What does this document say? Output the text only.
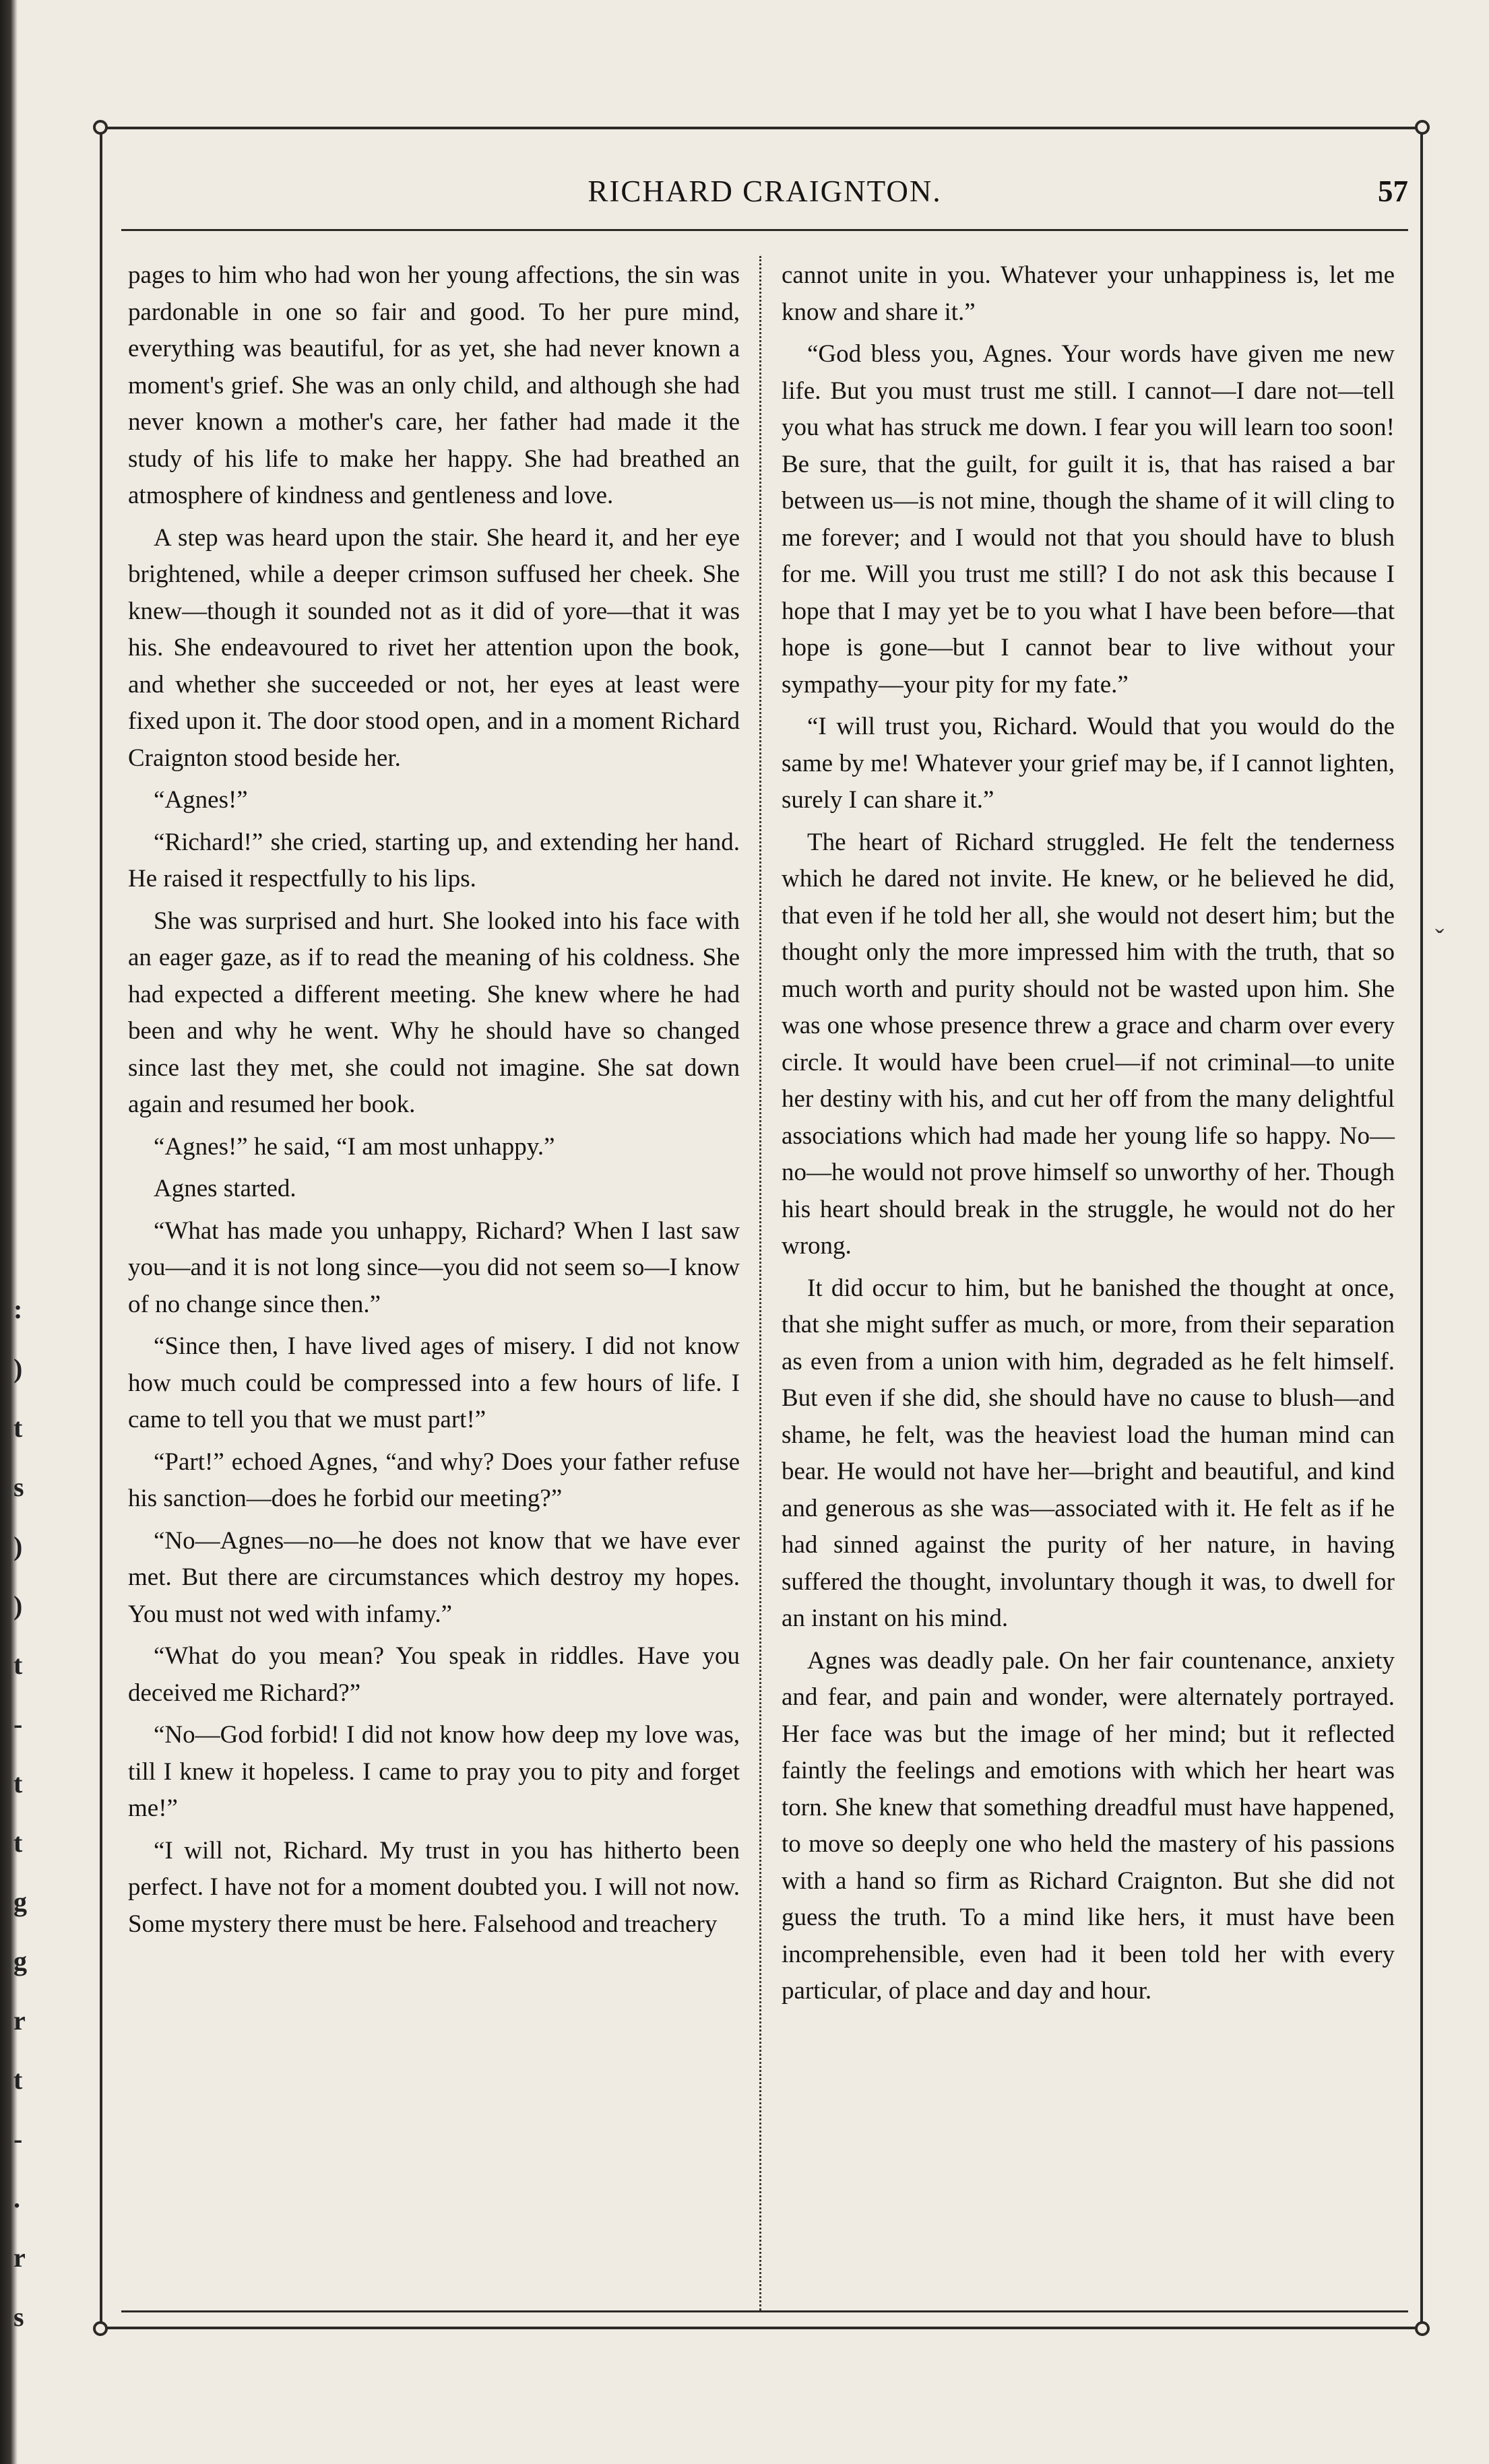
:
)
t
s
)
)
t
-
t
t
g
g
r
t
-
.
r
s
RICHARD CRAIGNTON.	57

pages to him who had won her young affections, the sin was pardonable in one so fair and good. To her pure mind, everything was beautiful, for as yet, she had never known a moment's grief. She was an only child, and although she had never known a mother's care, her father had made it the study of his life to make her happy. She had breathed an atmosphere of kindness and gentleness and love.

A step was heard upon the stair. She heard it, and her eye brightened, while a deeper crimson suffused her cheek. She knew—though it sounded not as it did of yore—that it was his. She endeavoured to rivet her attention upon the book, and whether she succeeded or not, her eyes at least were fixed upon it. The door stood open, and in a moment Richard Craignton stood beside her.

“Agnes!”

“Richard!” she cried, starting up, and extending her hand. He raised it respectfully to his lips.

She was surprised and hurt. She looked into his face with an eager gaze, as if to read the meaning of his coldness. She had expected a different meeting. She knew where he had been and why he went. Why he should have so changed since last they met, she could not imagine. She sat down again and resumed her book.

“Agnes!” he said, “I am most unhappy.”

Agnes started.

“What has made you unhappy, Richard? When I last saw you—and it is not long since—you did not seem so—I know of no change since then.”

“Since then, I have lived ages of misery. I did not know how much could be compressed into a few hours of life. I came to tell you that we must part!”

“Part!” echoed Agnes, “and why? Does your father refuse his sanction—does he forbid our meeting?”

“No—Agnes—no—he does not know that we have ever met. But there are circumstances which destroy my hopes. You must not wed with infamy.”

“What do you mean? You speak in riddles. Have you deceived me Richard?”

“No—God forbid! I did not know how deep my love was, till I knew it hopeless. I came to pray you to pity and forget me!”

“I will not, Richard. My trust in you has hitherto been perfect. I have not for a moment doubted you. I will not now. Some mystery there must be here. Falsehood and treachery

cannot unite in you. Whatever your unhappiness is, let me know and share it.”

“God bless you, Agnes. Your words have given me new life. But you must trust me still. I cannot—I dare not—tell you what has struck me down. I fear you will learn too soon! Be sure, that the guilt, for guilt it is, that has raised a bar between us—is not mine, though the shame of it will cling to me forever; and I would not that you should have to blush for me. Will you trust me still? I do not ask this because I hope that I may yet be to you what I have been before—that hope is gone—but I cannot bear to live without your sympathy—your pity for my fate.”

“I will trust you, Richard. Would that you would do the same by me! Whatever your grief may be, if I cannot lighten, surely I can share it.”

The heart of Richard struggled. He felt the tenderness which he dared not invite. He knew, or he believed he did, that even if he told her all, she would not desert him; but the thought only the more impressed him with the truth, that so much worth and purity should not be wasted upon him. She was one whose presence threw a grace and charm over every circle. It would have been cruel—if not criminal—to unite her destiny with his, and cut her off from the many delightful associations which had made her young life so happy. No—no—he would not prove himself so unworthy of her. Though his heart should break in the struggle, he would not do her wrong.

It did occur to him, but he banished the thought at once, that she might suffer as much, or more, from their separation as even from a union with him, degraded as he felt himself. But even if she did, she should have no cause to blush—and shame, he felt, was the heaviest load the human mind can bear. He would not have her—bright and beautiful, and kind and generous as she was—associated with it. He felt as if he had sinned against the purity of her nature, in having suffered the thought, involuntary though it was, to dwell for an instant on his mind.

Agnes was deadly pale. On her fair countenance, anxiety and fear, and pain and wonder, were alternately portrayed. Her face was but the image of her mind; but it reflected faintly the feelings and emotions with which her heart was torn. She knew that something dreadful must have happened, to move so deeply one who held the mastery of his passions with a hand so firm as Richard Craignton. But she did not guess the truth. To a mind like hers, it must have been incomprehensible, even had it been told her with every particular, of place and day and hour.

ˇ
